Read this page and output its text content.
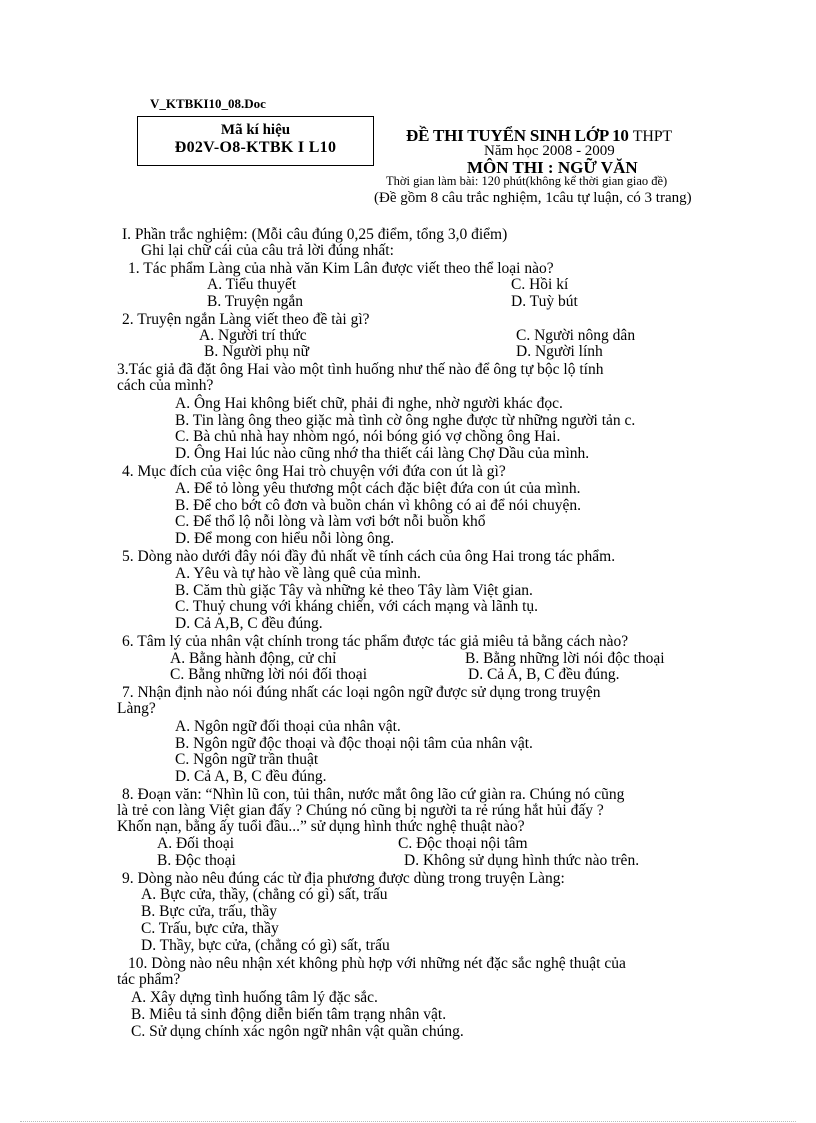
V_KTBKI10_08.Doc
Mã kí hiệu
Đ02V-O8-KTBK I L10
ĐỀ THI TUYỂN SINH LỚP 10 THPT
Năm học 2008 - 2009
MÔN THI : NGỮ VĂN
Thời gian làm bài: 120 phút(không kể thời gian giao đề)
(Đề gồm 8 câu trắc nghiệm, 1câu tự luận, có 3 trang)
I. Phần trắc nghiệm: (Mỗi câu đúng 0,25 điểm, tổng 3,0 điểm)
Ghi lại chữ cái của câu trả lời đúng nhất:
1. Tác phẩm Làng của nhà văn Kim Lân được viết theo thể loại nào?
A. Tiểu thuyết	C. Hồi kí
B. Truyện ngắn	D. Tuỳ bút
2. Truyện ngắn Làng viết theo đề tài gì?
A. Người trí thức	C. Người nông dân
B. Người phụ nữ	D. Người lính
3.Tác giả đã đặt ông Hai vào một tình huống như thế nào để ông tự bộc lộ tính
cách của mình?
A. Ông Hai không biết chữ, phải đi nghe, nhờ người khác đọc.
B. Tin làng ông theo giặc mà tình cờ ông nghe được từ những người tản c.
C. Bà chủ nhà hay nhòm ngó, nói bóng gió vợ chồng ông Hai.
D. Ông Hai lúc nào cũng nhớ tha thiết cái làng Chợ Dầu của mình.
4. Mục đích của việc ông Hai trò chuyện với đứa con út là gì?
A. Để tỏ lòng yêu thương một cách đặc biệt đứa con út của mình.
B. Để cho bớt cô đơn và buồn chán vì không có ai để nói chuyện.
C. Để thổ lộ nỗi lòng và làm vơi bớt nỗi buồn khổ
D. Để mong con hiểu nỗi lòng ông.
5. Dòng nào dưới đây nói đầy đủ nhất về tính cách của ông Hai trong tác phẩm.
A. Yêu và tự hào về làng quê của mình.
B. Căm thù giặc Tây và những kẻ theo Tây làm Việt gian.
C. Thuỷ chung với kháng chiến, với cách mạng và lãnh tụ.
D. Cả A,B, C đều đúng.
6. Tâm lý của nhân vật chính trong tác phẩm được tác giả miêu tả bằng cách nào?
A. Bằng hành động, cử chỉ	B. Bằng những lời nói độc thoại
C. Bằng những lời nói đối thoại	D. Cả A, B, C đều đúng.
7. Nhận định nào nói đúng nhất các loại ngôn ngữ được sử dụng trong truyện
Làng?
A. Ngôn ngữ đối thoại của nhân vật.
B. Ngôn ngữ độc thoại và độc thoại nội tâm của nhân vật.
C. Ngôn ngữ trần thuật
D. Cả A, B, C đều đúng.
8. Đoạn văn: “Nhìn lũ con, tủi thân, nước mắt ông lão cứ giàn ra. Chúng nó cũng
là trẻ con làng Việt gian đấy ? Chúng nó cũng bị người ta rẻ rúng hắt hủi đấy ?
Khốn nạn, bằng ấy tuổi đầu...” sử dụng hình thức nghệ thuật nào?
A. Đối thoại	C. Độc thoại nội tâm
B. Độc thoại	D. Không sử dụng hình thức nào trên.
9. Dòng nào nêu đúng các từ địa phương được dùng trong truyện Làng:
A. Bực cửa, thầy, (chẳng có gì) sất, trấu
B. Bực cửa, trấu, thầy
C. Trấu, bực cửa, thầy
D. Thầy, bực cửa, (chẳng có gì) sất, trấu
10. Dòng nào nêu nhận xét không phù hợp với những nét đặc sắc nghệ thuật của
tác phẩm?
A. Xây dựng tình huống tâm lý đặc sắc.
B. Miêu tả sinh động diễn biến tâm trạng nhân vật.
C. Sử dụng chính xác ngôn ngữ nhân vật quần chúng.
